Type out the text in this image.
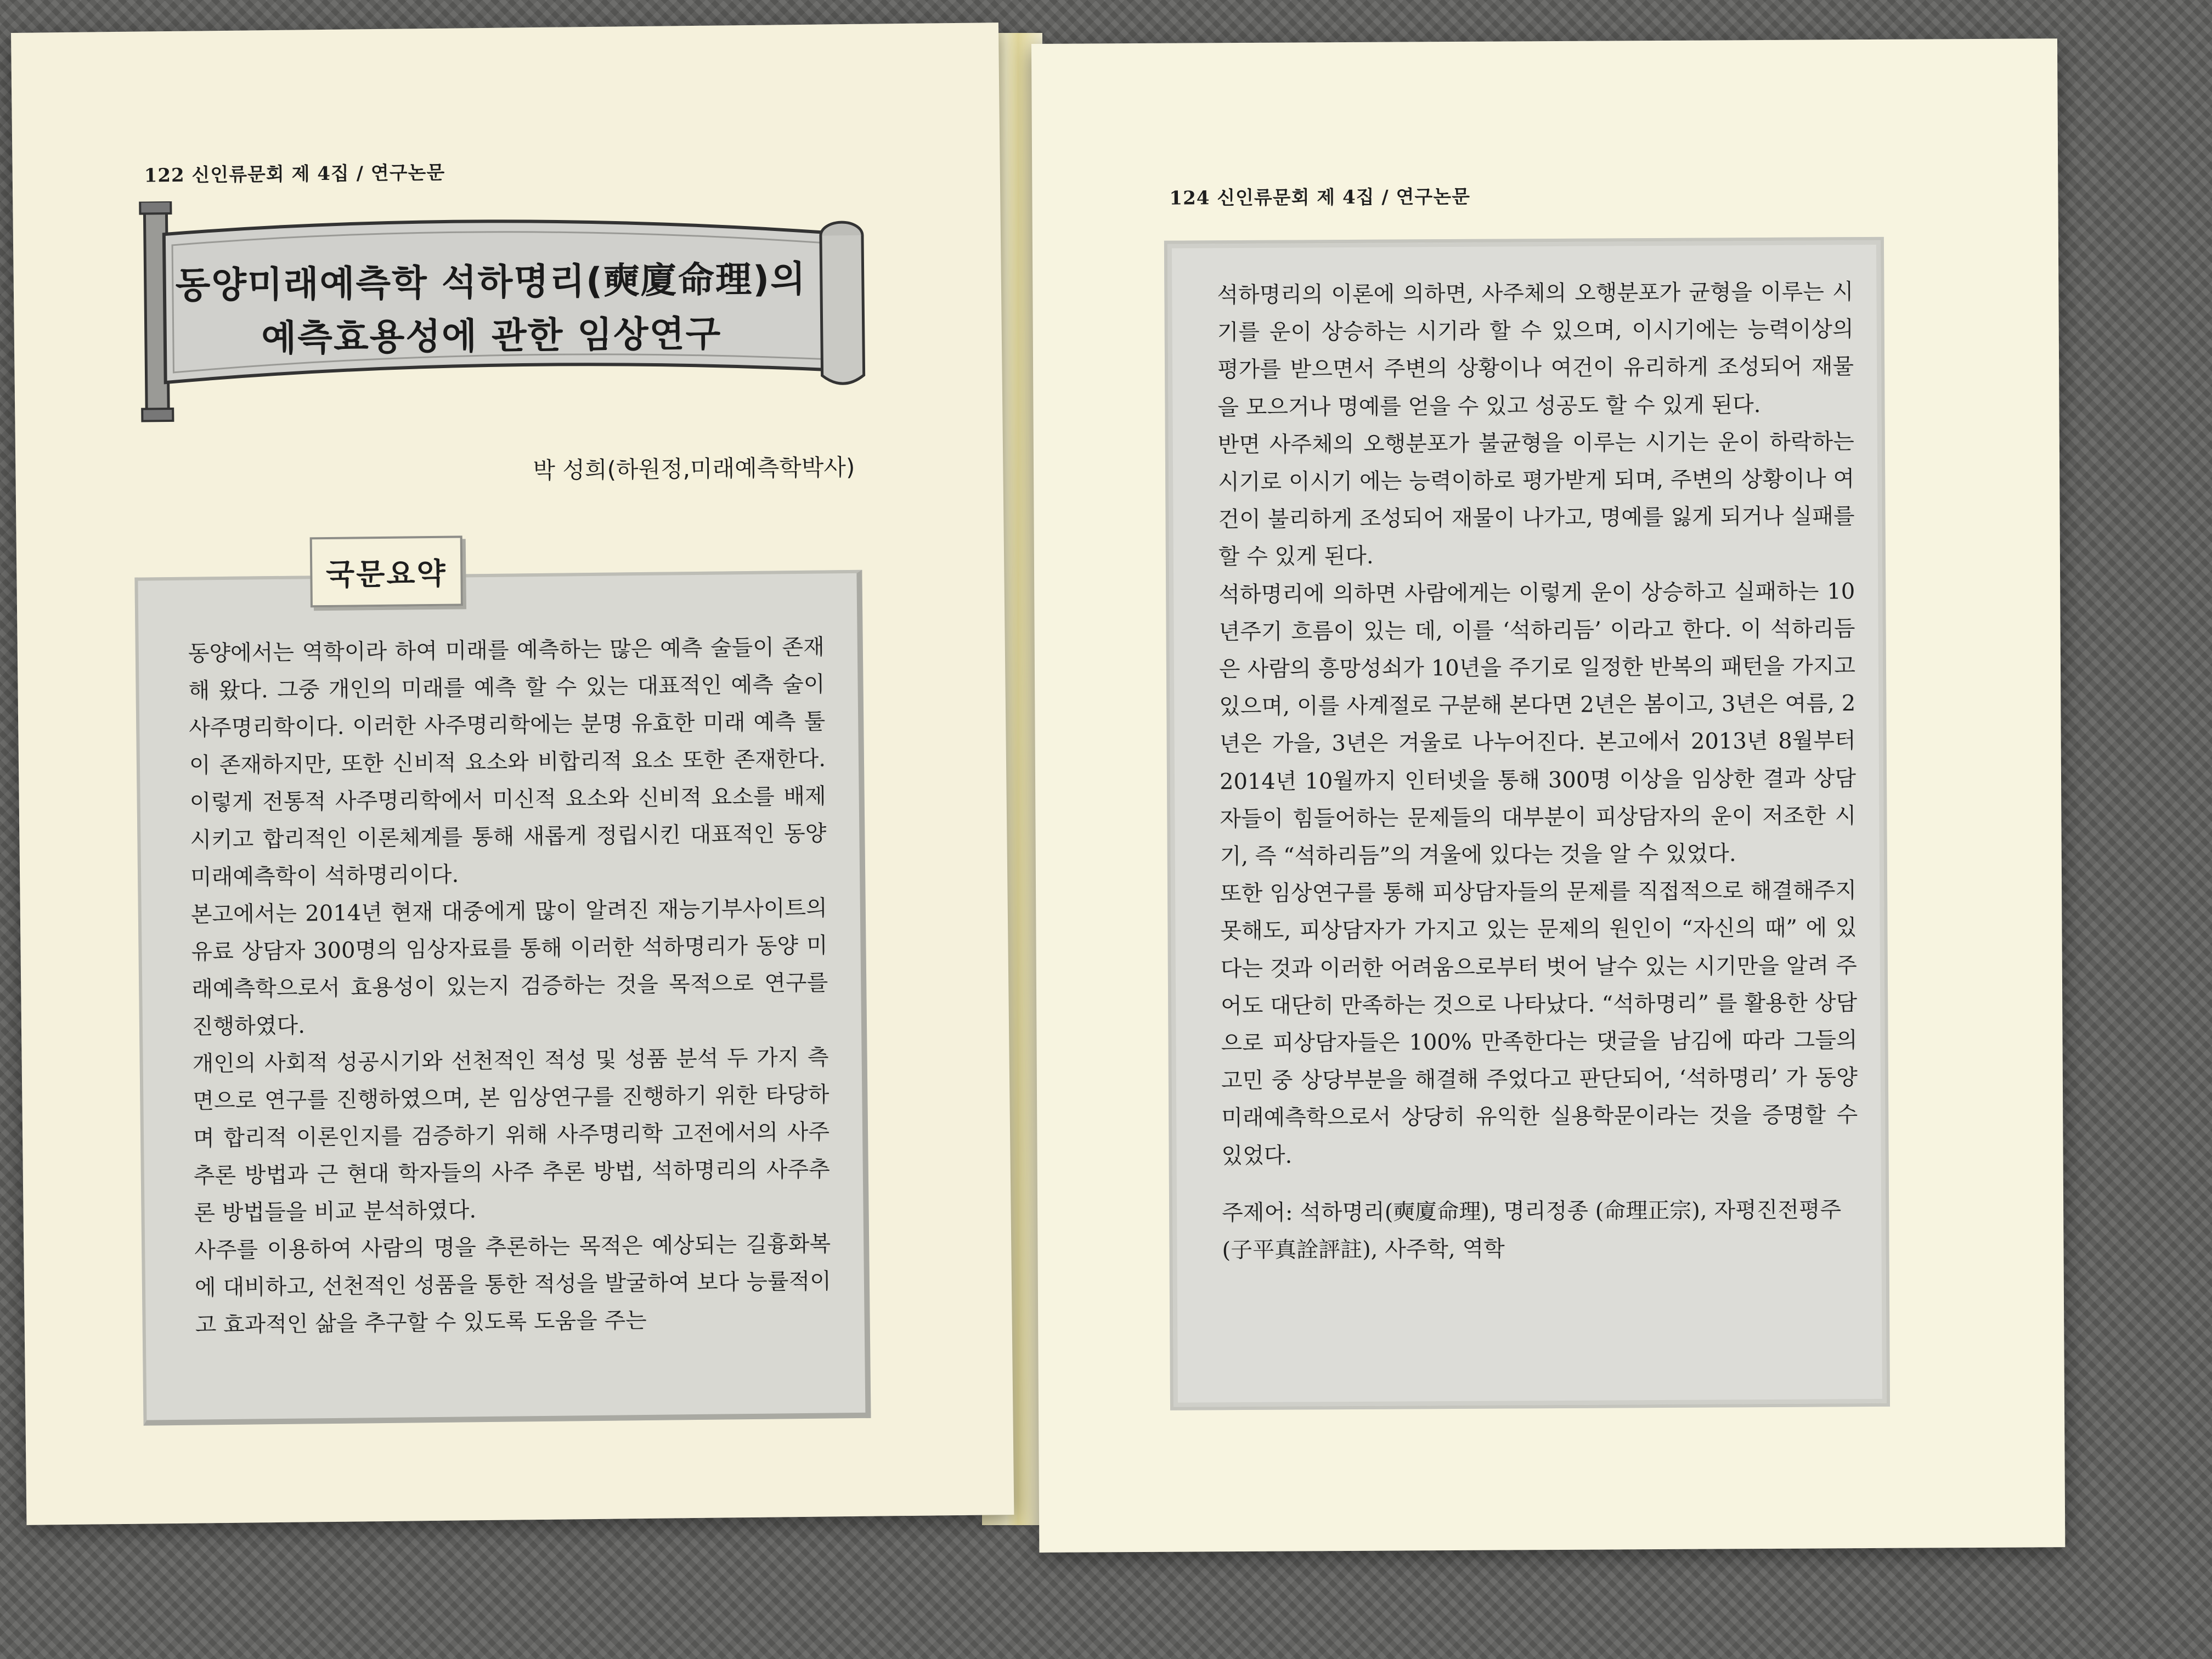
122 신인류문회 제 4집 / 연구논문
동양미래예측학 석하명리(奭廈命理)의
예측효용성에 관한 임상연구
박 성희(하원정,미래예측학박사)

동양에서는 역학이라 하여 미래를 예측하는 많은 예측 술들이 존재해 왔다. 그중 개인의 미래를 예측 할 수 있는 대표적인 예측 술이 사주명리학이다. 이러한 사주명리학에는 분명 유효한 미래 예측 툴이 존재하지만, 또한 신비적 요소와 비합리적 요소 또한 존재한다. 이렇게 전통적 사주명리학에서 미신적 요소와 신비적 요소를 배제시키고 합리적인 이론체계를 통해 새롭게 정립시킨 대표적인 동양 미래예측학이 석하명리이다.

본고에서는 2014년 현재 대중에게 많이 알려진 재능기부사이트의 유료 상담자 300명의 임상자료를 통해 이러한 석하명리가 동양 미래예측학으로서 효용성이 있는지 검증하는 것을 목적으로 연구를 진행하였다.

개인의 사회적 성공시기와 선천적인 적성 및 성품 분석 두 가지 측면으로 연구를 진행하였으며, 본 임상연구를 진행하기 위한 타당하며 합리적 이론인지를 검증하기 위해 사주명리학 고전에서의 사주추론 방법과 근 현대 학자들의 사주 추론 방법, 석하명리의 사주추론 방법들을 비교 분석하였다.

사주를 이용하여 사람의 명을 추론하는 목적은 예상되는 길흉화복에 대비하고, 선천적인 성품을 통한 적성을 발굴하여 보다 능률적이고 효과적인 삶을 추구할 수 있도록 도움을 주는

국문요약
124 신인류문회 제 4집 / 연구논문

석하명리의 이론에 의하면, 사주체의 오행분포가 균형을 이루는 시기를 운이 상승하는 시기라 할 수 있으며, 이시기에는 능력이상의 평가를 받으면서 주변의 상황이나 여건이 유리하게 조성되어 재물을 모으거나 명예를 얻을 수 있고 성공도 할 수 있게 된다.

반면 사주체의 오행분포가 불균형을 이루는 시기는 운이 하락하는 시기로 이시기 에는 능력이하로 평가받게 되며, 주변의 상황이나 여건이 불리하게 조성되어 재물이 나가고, 명예를 잃게 되거나 실패를 할 수 있게 된다.

석하명리에 의하면 사람에게는 이렇게 운이 상승하고 실패하는 10년주기 흐름이 있는 데, 이를 ‘석하리듬’ 이라고 한다. 이 석하리듬은 사람의 흥망성쇠가 10년을 주기로 일정한 반복의 패턴을 가지고 있으며, 이를 사계절로 구분해 본다면 2년은 봄이고, 3년은 여름, 2년은 가을, 3년은 겨울로 나누어진다. 본고에서 2013년 8월부터 2014년 10월까지 인터넷을 통해 300명 이상을 임상한 결과 상담자들이 힘들어하는 문제들의 대부분이 피상담자의 운이 저조한 시기, 즉 “석하리듬”의 겨울에 있다는 것을 알 수 있었다.

또한 임상연구를 통해 피상담자들의 문제를 직접적으로 해결해주지 못해도, 피상담자가 가지고 있는 문제의 원인이 “자신의 때” 에 있다는 것과 이러한 어려움으로부터 벗어 날수 있는 시기만을 알려 주어도 대단히 만족하는 것으로 나타났다. “석하명리” 를 활용한 상담으로 피상담자들은 100% 만족한다는 댓글을 남김에 따라 그들의 고민 중 상당부분을 해결해 주었다고 판단되어, ‘석하명리’ 가 동양 미래예측학으로서 상당히 유익한 실용학문이라는 것을 증명할 수 있었다.

주제어: 석하명리(奭廈命理), 명리정종 (命理正宗), 자평진전평주(子平真詮評註), 사주학, 역학
